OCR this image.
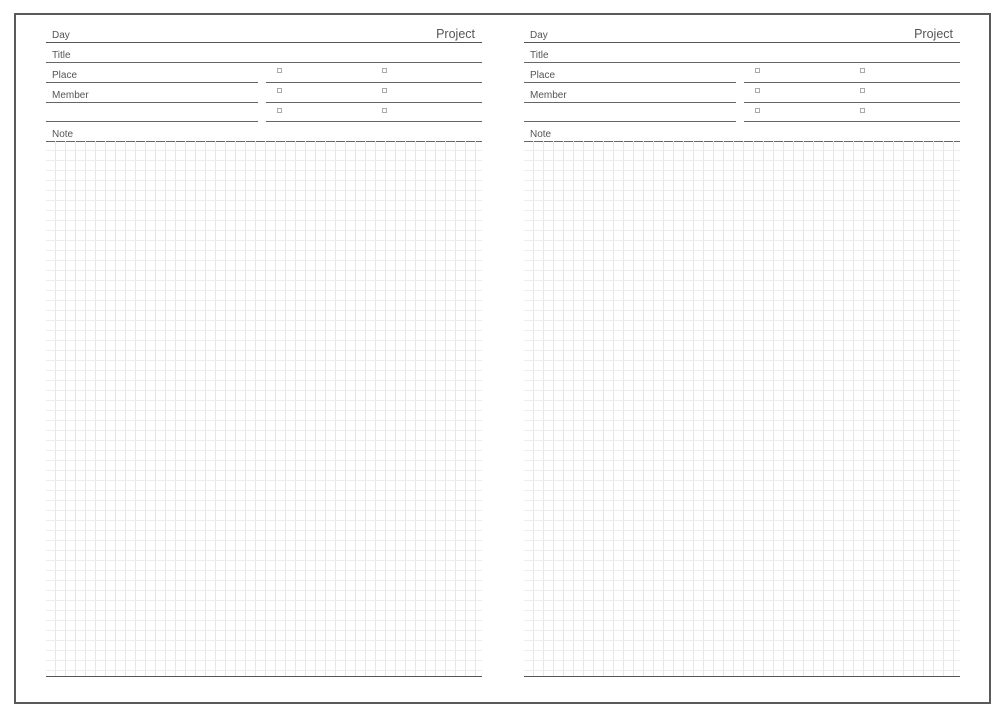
Day	Project
Title
Place
Member
Note
Day	Project
Title
Place
Member
Note
